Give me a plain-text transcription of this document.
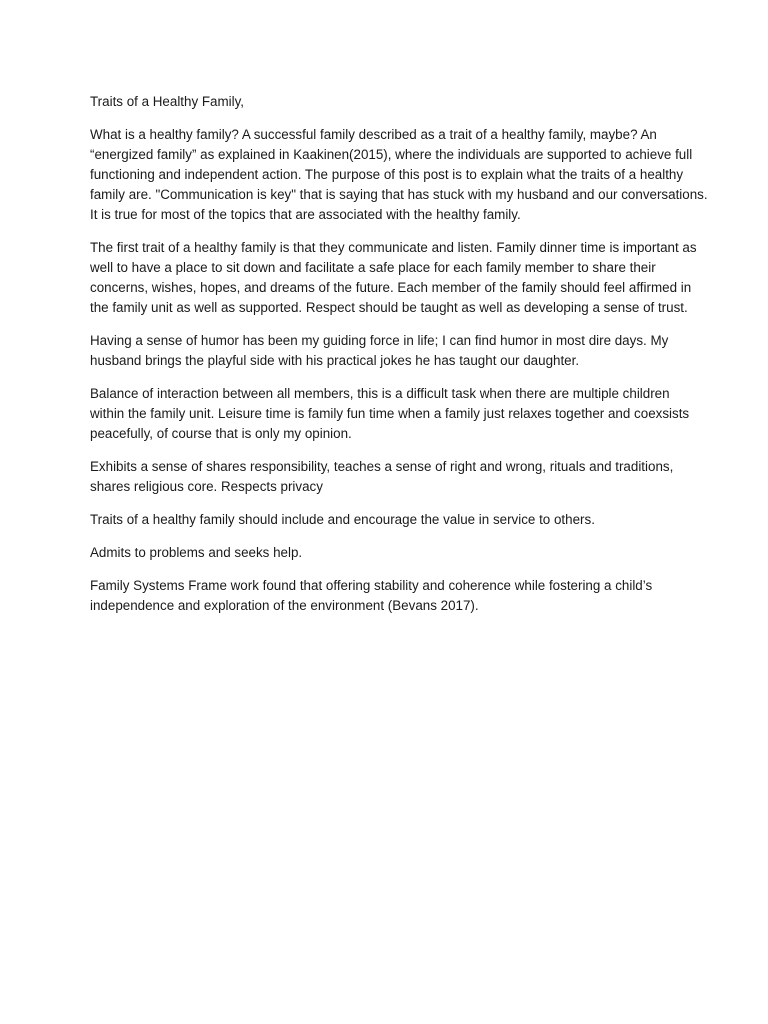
Traits of a Healthy Family,

What is a healthy family? A successful family described as a trait of a healthy family, maybe? An
“energized family” as explained in Kaakinen(2015), where the individuals are supported to achieve full
functioning and independent action. The purpose of this post is to explain what the traits of a healthy
family are. "Communication is key" that is saying that has stuck with my husband and our conversations.
It is true for most of the topics that are associated with the healthy family.

The first trait of a healthy family is that they communicate and listen. Family dinner time is important as
well to have a place to sit down and facilitate a safe place for each family member to share their
concerns, wishes, hopes, and dreams of the future. Each member of the family should feel affirmed in
the family unit as well as supported. Respect should be taught as well as developing a sense of trust.

Having a sense of humor has been my guiding force in life; I can find humor in most dire days. My
husband brings the playful side with his practical jokes he has taught our daughter.

Balance of interaction between all members, this is a difficult task when there are multiple children
within the family unit. Leisure time is family fun time when a family just relaxes together and coexsists
peacefully, of course that is only my opinion.

Exhibits a sense of shares responsibility, teaches a sense of right and wrong, rituals and traditions,
shares religious core. Respects privacy

Traits of a healthy family should include and encourage the value in service to others.

Admits to problems and seeks help.

Family Systems Frame work found that offering stability and coherence while fostering a child’s
independence and exploration of the environment (Bevans 2017).
